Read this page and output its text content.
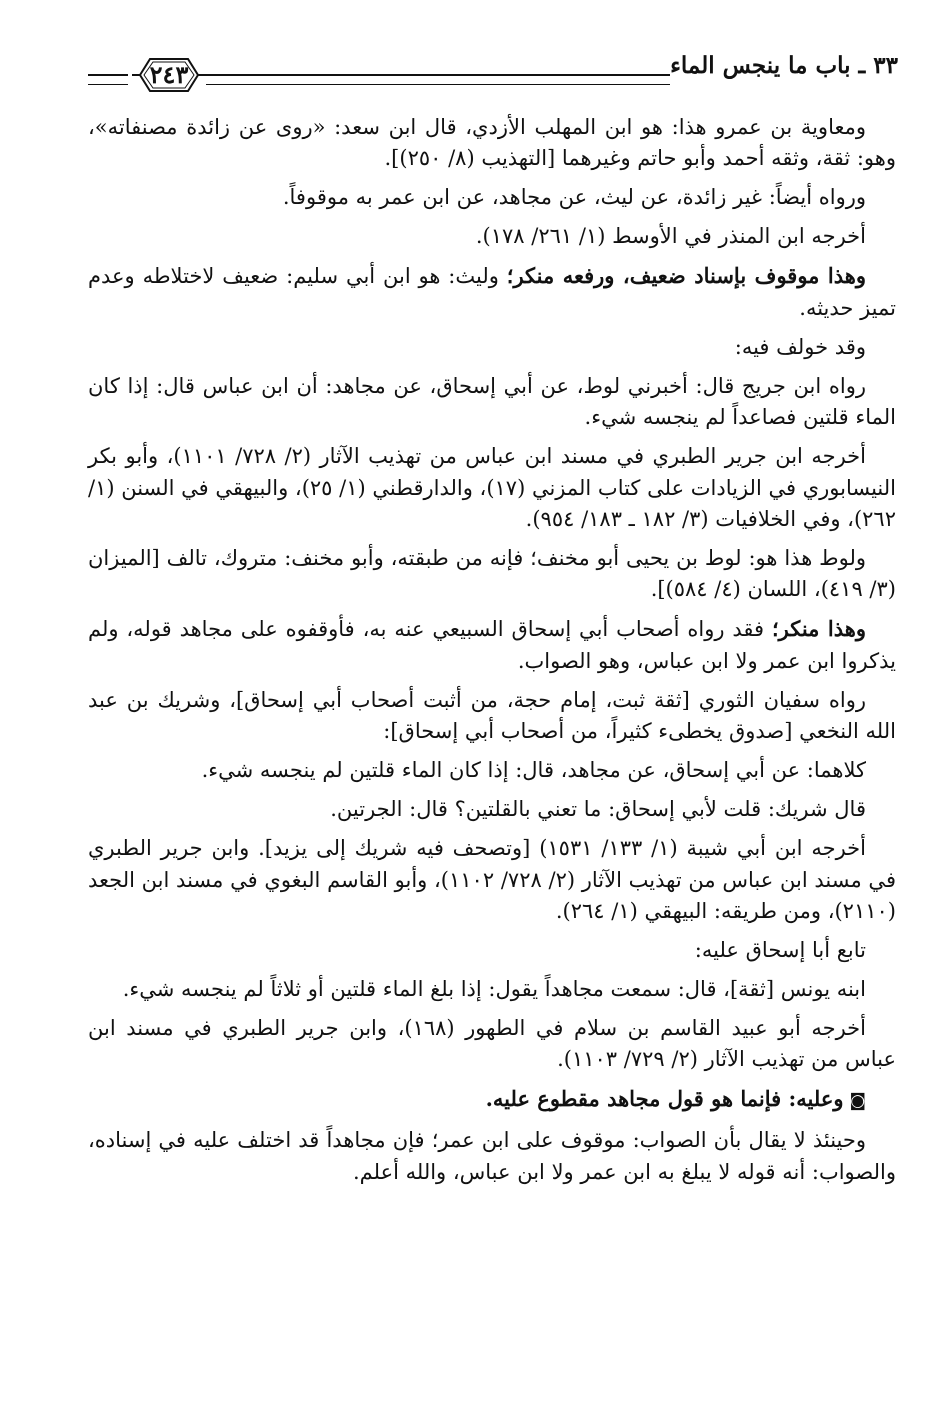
٣٣ ـ باب ما ينجس الماء
٢٤٣

ومعاوية بن عمرو هذا: هو ابن المهلب الأزدي، قال ابن سعد: «روى عن زائدة مصنفاته»، وهو: ثقة، وثقه أحمد وأبو حاتم وغيرهما [التهذيب (٨/ ٢٥٠)].

ورواه أيضاً: غير زائدة، عن ليث، عن مجاهد، عن ابن عمر به موقوفاً.

أخرجه ابن المنذر في الأوسط (١/ ٢٦١/ ١٧٨).

وهذا موقوف بإسناد ضعيف، ورفعه منكر؛ وليث: هو ابن أبي سليم: ضعيف لاختلاطه وعدم تميز حديثه.

وقد خولف فيه:

رواه ابن جريج قال: أخبرني لوط، عن أبي إسحاق، عن مجاهد: أن ابن عباس قال: إذا كان الماء قلتين فصاعداً لم ينجسه شيء.

أخرجه ابن جرير الطبري في مسند ابن عباس من تهذيب الآثار (٢/ ٧٢٨/ ١١٠١)، وأبو بكر النيسابوري في الزيادات على كتاب المزني (١٧)، والدارقطني (١/ ٢٥)، والبيهقي في السنن (١/ ٢٦٢)، وفي الخلافيات (٣/ ١٨٢ ـ ١٨٣/ ٩٥٤).

ولوط هذا هو: لوط بن يحيى أبو مخنف؛ فإنه من طبقته، وأبو مخنف: متروك، تالف [الميزان (٣/ ٤١٩)، اللسان (٤/ ٥٨٤)].

وهذا منكر؛ فقد رواه أصحاب أبي إسحاق السبيعي عنه به، فأوقفوه على مجاهد قوله، ولم يذكروا ابن عمر ولا ابن عباس، وهو الصواب.

رواه سفيان الثوري [ثقة ثبت، إمام حجة، من أثبت أصحاب أبي إسحاق]، وشريك بن عبد الله النخعي [صدوق يخطىء كثيراً، من أصحاب أبي إسحاق]:

كلاهما: عن أبي إسحاق، عن مجاهد، قال: إذا كان الماء قلتين لم ينجسه شيء.

قال شريك: قلت لأبي إسحاق: ما تعني بالقلتين؟ قال: الجرتين.

أخرجه ابن أبي شيبة (١/ ١٣٣/ ١٥٣١) [وتصحف فيه شريك إلى يزيد]. وابن جرير الطبري في مسند ابن عباس من تهذيب الآثار (٢/ ٧٢٨/ ١١٠٢)، وأبو القاسم البغوي في مسند ابن الجعد (٢١١٠)، ومن طريقه: البيهقي (١/ ٢٦٤).

تابع أبا إسحاق عليه:

ابنه يونس [ثقة]، قال: سمعت مجاهداً يقول: إذا بلغ الماء قلتين أو ثلاثاً لم ينجسه شيء.

أخرجه أبو عبيد القاسم بن سلام في الطهور (١٦٨)، وابن جرير الطبري في مسند ابن عباس من تهذيب الآثار (٢/ ٧٢٩/ ١١٠٣).

◙وعليه: فإنما هو قول مجاهد مقطوع عليه.

وحينئذ لا يقال بأن الصواب: موقوف على ابن عمر؛ فإن مجاهداً قد اختلف عليه في إسناده، والصواب: أنه قوله لا يبلغ به ابن عمر ولا ابن عباس، والله أعلم.
